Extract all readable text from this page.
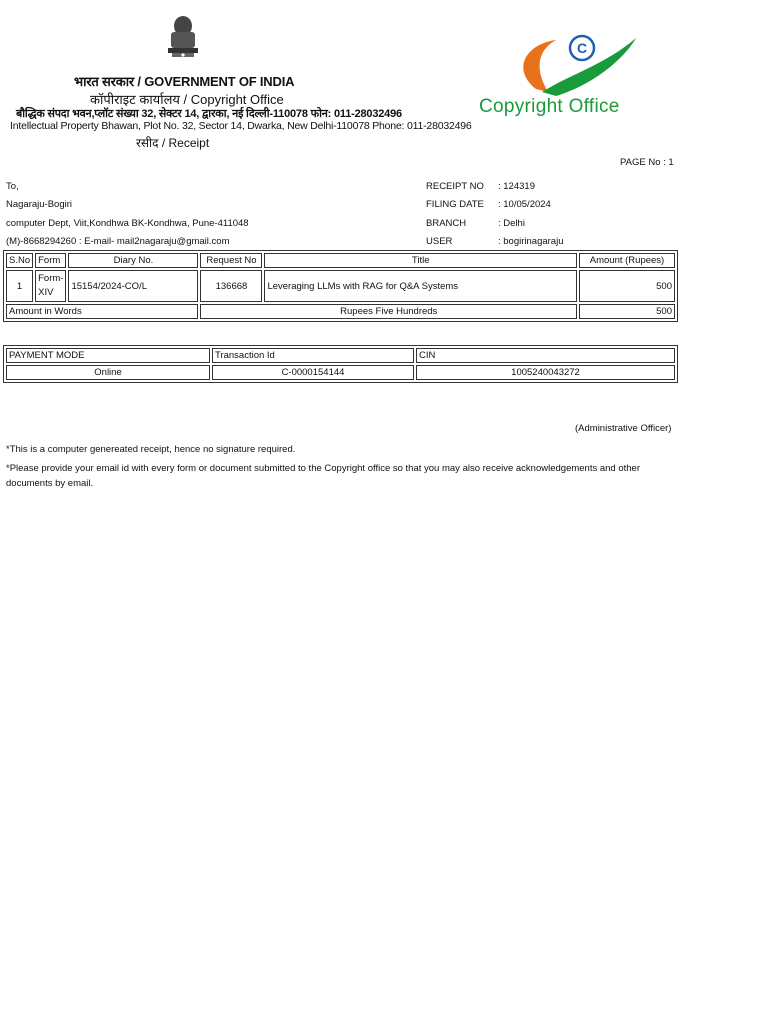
भारत सरकार / GOVERNMENT OF INDIA
कॉपीराइट कार्यालय / Copyright Office
बौद्धिक संपदा भवन,प्लॉट संख्या 32, सेक्टर 14, द्वारका, नई दिल्ली-110078 फोन: 011-28032496
Intellectual Property Bhawan, Plot No. 32, Sector 14, Dwarka, New Delhi-110078 Phone: 011-28032496
रसीद / Receipt
C
Copyright Office
PAGE No : 1
To,
Nagaraju-Bogiri
computer Dept, Viit,Kondhwa BK-Kondhwa, Pune-411048
(M)-8668294260 : E-mail- mail2nagaraju@gmail.com
RECEIPT NO	: 124319
FILING DATE	: 10/05/2024
BRANCH	: Delhi
USER	: bogirinagaraju
S.No	Form	Diary No.	Request No	Title	Amount (Rupees)
1	Form-XIV	15154/2024-CO/L	136668	Leveraging LLMs with RAG for Q&A Systems	500
Amount in Words			Rupees Five Hundreds		500
PAYMENT MODE	Transaction Id	CIN
Online	C-0000154144	1005240043272
(Administrative Officer)

*This is a computer genereated receipt, hence no signature required.

*Please provide your email id with every form or document submitted to the Copyright office so that you may also receive acknowledgements and other documents by email.
